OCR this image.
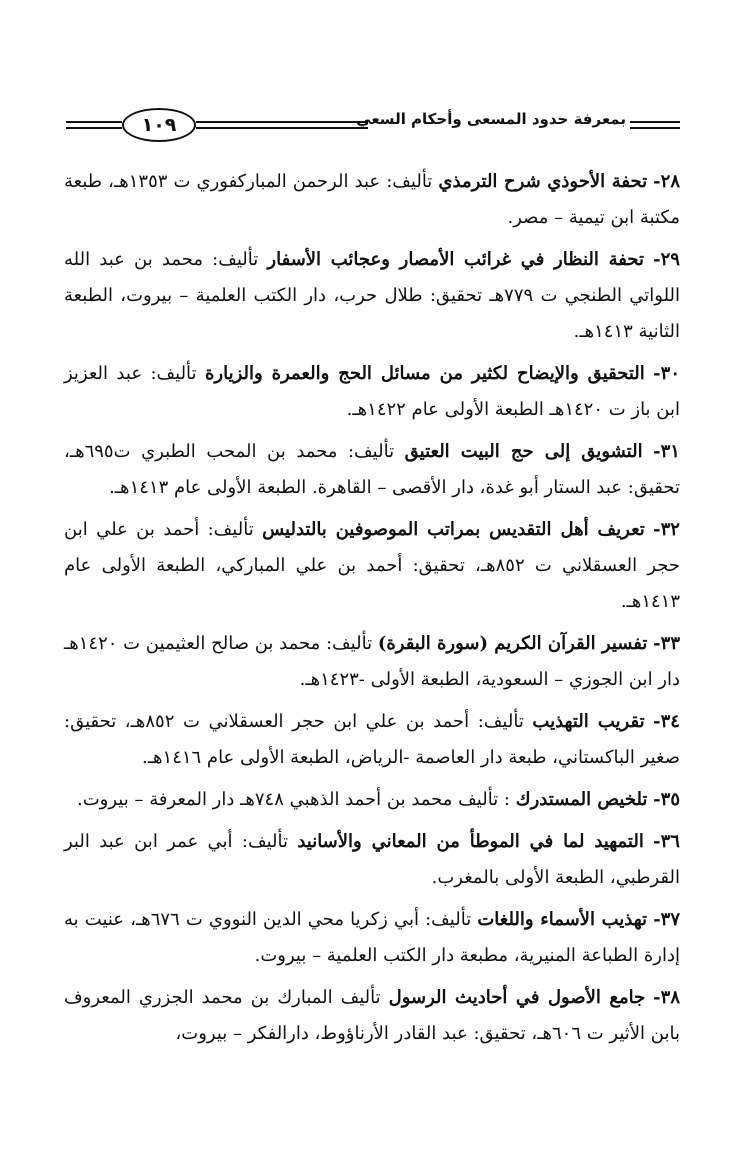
١٠٩	بمعرفة حدود المسعى وأحكام السعي

٢٨- تحفة الأحوذي شرح الترمذي تأليف: عبد الرحمن المباركفوري ت ١٣٥٣هـ، طبعة مكتبة ابن تيمية – مصر.

٢٩- تحفة النظار في غرائب الأمصار وعجائب الأسفار تأليف: محمد بن عبد الله اللواتي الطنجي ت ٧٧٩هـ تحقيق: طلال حرب، دار الكتب العلمية – بيروت، الطبعة الثانية ١٤١٣هـ.

٣٠- التحقيق والإيضاح لكثير من مسائل الحج والعمرة والزيارة تأليف: عبد العزيز ابن باز ت ١٤٢٠هـ الطبعة الأولى عام ١٤٢٢هـ.

٣١- التشويق إلى حج البيت العتيق تأليف: محمد بن المحب الطبري ت٦٩٥هـ، تحقيق: عبد الستار أبو غدة، دار الأقصى – القاهرة. الطبعة الأولى عام ١٤١٣هـ.

٣٢- تعريف أهل التقديس بمراتب الموصوفين بالتدليس تأليف: أحمد بن علي ابن حجر العسقلاني ت ٨٥٢هـ، تحقيق: أحمد بن علي المباركي، الطبعة الأولى عام ١٤١٣هـ.

٣٣- تفسير القرآن الكريم (سورة البقرة) تأليف: محمد بن صالح العثيمين ت ١٤٢٠هـ دار ابن الجوزي – السعودية، الطبعة الأولى -١٤٢٣هـ.

٣٤- تقريب التهذيب تأليف: أحمد بن علي ابن حجر العسقلاني ت ٨٥٢هـ، تحقيق: صغير الباكستاني، طبعة دار العاصمة -الرياض، الطبعة الأولى عام ١٤١٦هـ.

٣٥- تلخيص المستدرك : تأليف محمد بن أحمد الذهبي ٧٤٨هـ دار المعرفة – بيروت.

٣٦- التمهيد لما في الموطأ من المعاني والأسانيد تأليف: أبي عمر ابن عبد البر القرطبي، الطبعة الأولى بالمغرب.

٣٧- تهذيب الأسماء واللغات تأليف: أبي زكريا محي الدين النووي ت ٦٧٦هـ، عنيت به إدارة الطباعة المنيرية، مطبعة دار الكتب العلمية – بيروت.

٣٨- جامع الأصول في أحاديث الرسول تأليف المبارك بن محمد الجزري المعروف بابن الأثير ت ٦٠٦هـ، تحقيق: عبد القادر الأرناؤوط، دارالفكر – بيروت،
